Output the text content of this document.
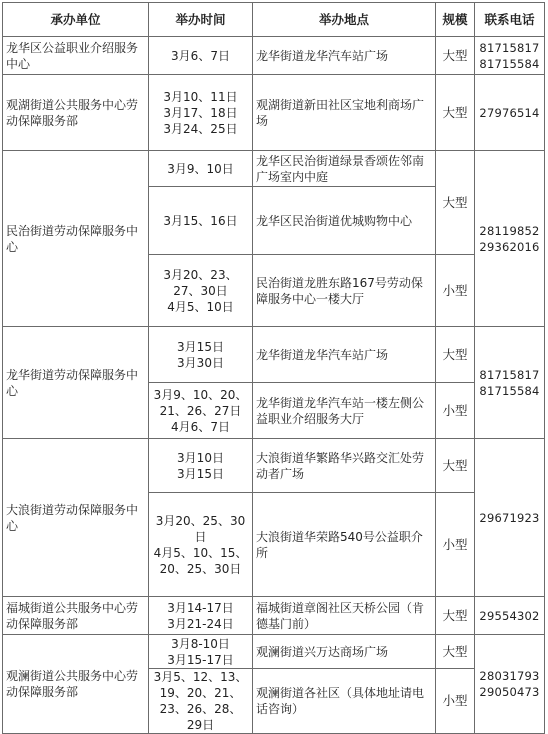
承办单位	举办时间	举办地点	规模	联系电话
龙华区公益职业介绍服务中心	3月6、7日	龙华街道龙华汽车站广场	大型	81715817
81715584

观湖街道公共服务中心劳动保障服务部	3月10、11日
3月17、18日
3月24、25日	观湖街道新田社区宝地利商场广场	大型	27976514
民治街道劳动保障服务中心	3月9、10日	龙华区民治街道绿景香颂佐邻南广场室内中庭	大型	28119852
29362016

	3月15、16日	龙华区民治街道优城购物中心		

	3月20、23、27、30日
4月5、10日	民治街道龙胜东路167号劳动保障服务中心一楼大厅	小型	
龙华街道劳动保障服务中心	3月15日
3月30日	龙华街道龙华汽车站广场	大型	81715817
81715584

	3月9、10、20、21、26、27日
4月6、7日	龙华街道龙华汽车站一楼左侧公益职业介绍服务大厅	小型	
大浪街道劳动保障服务中心	3月10日
3月15日	大浪街道华繁路华兴路交汇处劳动者广场	大型	29671923

	3月20、25、30日
4月5、10、15、20、25、30日	大浪街道华荣路540号公益职介所	小型	
福城街道公共服务中心劳动保障服务部	3月14-17日
3月21-24日	福城街道章阁社区天桥公园（肯德基门前）	大型	29554302
观澜街道公共服务中心劳动保障服务部	3月8-10日
3月15-17日	观澜街道兴万达商场广场	大型	28031793
29050473

	3月5、12、13、19、20、21、23、26、28、29日	观澜街道各社区（具体地址请电话咨询）	小型	
